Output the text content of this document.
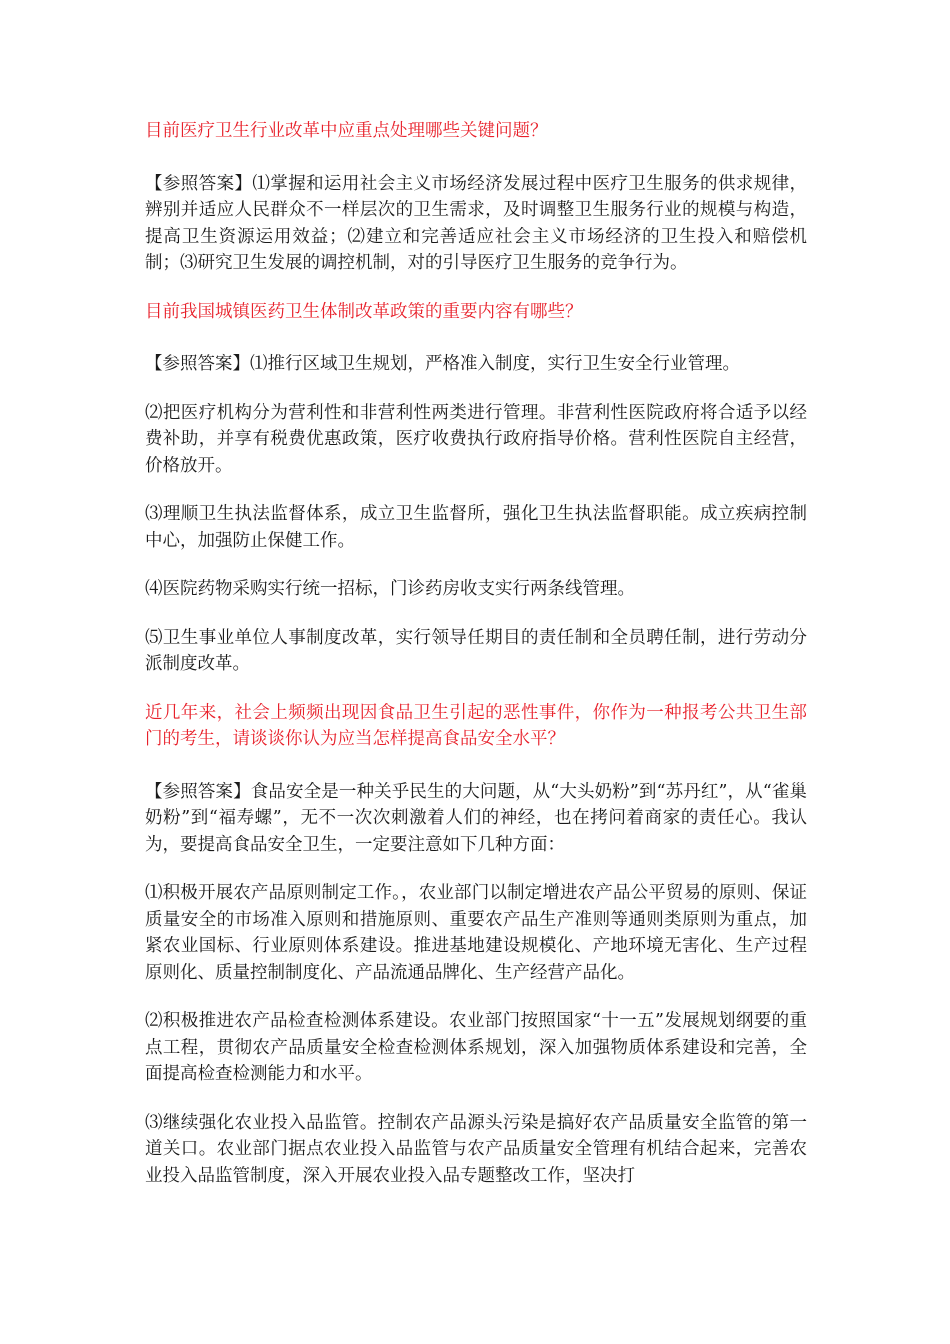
目前医疗卫生行业改革中应重点处理哪些关键问题？

【参照答案】⑴掌握和运用社会主义市场经济发展过程中医疗卫生服务的供求规律，辨别并适应人民群众不一样层次的卫生需求，及时调整卫生服务行业的规模与构造，提高卫生资源运用效益；⑵建立和完善适应社会主义市场经济的卫生投入和赔偿机制；⑶研究卫生发展的调控机制，对的引导医疗卫生服务的竞争行为。

目前我国城镇医药卫生体制改革政策的重要内容有哪些？

【参照答案】⑴推行区域卫生规划，严格准入制度，实行卫生安全行业管理。

⑵把医疗机构分为营利性和非营利性两类进行管理。非营利性医院政府将合适予以经费补助，并享有税费优惠政策，医疗收费执行政府指导价格。营利性医院自主经营，价格放开。

⑶理顺卫生执法监督体系，成立卫生监督所，强化卫生执法监督职能。成立疾病控制中心，加强防止保健工作。

⑷医院药物采购实行统一招标，门诊药房收支实行两条线管理。

⑸卫生事业单位人事制度改革，实行领导任期目的责任制和全员聘任制，进行劳动分派制度改革。

近几年来，社会上频频出现因食品卫生引起的恶性事件，你作为一种报考公共卫生部门的考生，请谈谈你认为应当怎样提高食品安全水平？

【参照答案】食品安全是一种关乎民生的大问题，从“大头奶粉”到“苏丹红”，从“雀巢奶粉”到“福寿螺”，无不一次次刺激着人们的神经，也在拷问着商家的责任心。我认为，要提高食品安全卫生，一定要注意如下几种方面：

⑴积极开展农产品原则制定工作。，农业部门以制定增进农产品公平贸易的原则、保证质量安全的市场准入原则和措施原则、重要农产品生产准则等通则类原则为重点，加紧农业国标、行业原则体系建设。推进基地建设规模化、产地环境无害化、生产过程原则化、质量控制制度化、产品流通品牌化、生产经营产品化。

⑵积极推进农产品检查检测体系建设。农业部门按照国家“十一五”发展规划纲要的重点工程，贯彻农产品质量安全检查检测体系规划，深入加强物质体系建设和完善，全面提高检查检测能力和水平。

⑶继续强化农业投入品监管。控制农产品源头污染是搞好农产品质量安全监管的第一道关口。农业部门据点农业投入品监管与农产品质量安全管理有机结合起来，完善农业投入品监管制度，深入开展农业投入品专题整改工作，坚决打
